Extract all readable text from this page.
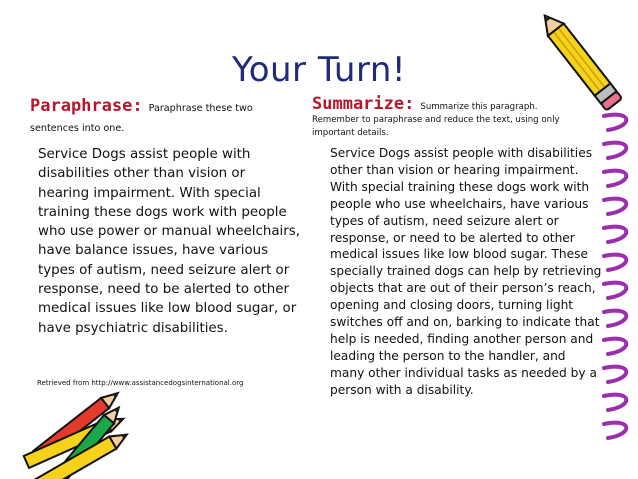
Your Turn!
Paraphrase: Paraphrase these two sentences into one.
Summarize: Summarize this paragraph. Remember to paraphrase and reduce the text, using only important details.
Service Dogs assist people with disabilities other than vision or hearing impairment. With special training these dogs work with people who use power or manual wheelchairs, have balance issues, have various types of autism, need seizure alert or response, need to be alerted to other medical issues like low blood sugar, or have psychiatric disabilities.
Retrieved from http://www.assistancedogsinternational.org
Service Dogs assist people with disabilities other than vision or hearing impairment. With special training these dogs work with people who use wheelchairs, have various types of autism, need seizure alert or response, or need to be alerted to other medical issues like low blood sugar. These specially trained dogs can help by retrieving objects that are out of their person’s reach, opening and closing doors, turning light switches off and on, barking to indicate that help is needed, finding another person and leading the person to the handler, and many other individual tasks as needed by a person with a disability.
